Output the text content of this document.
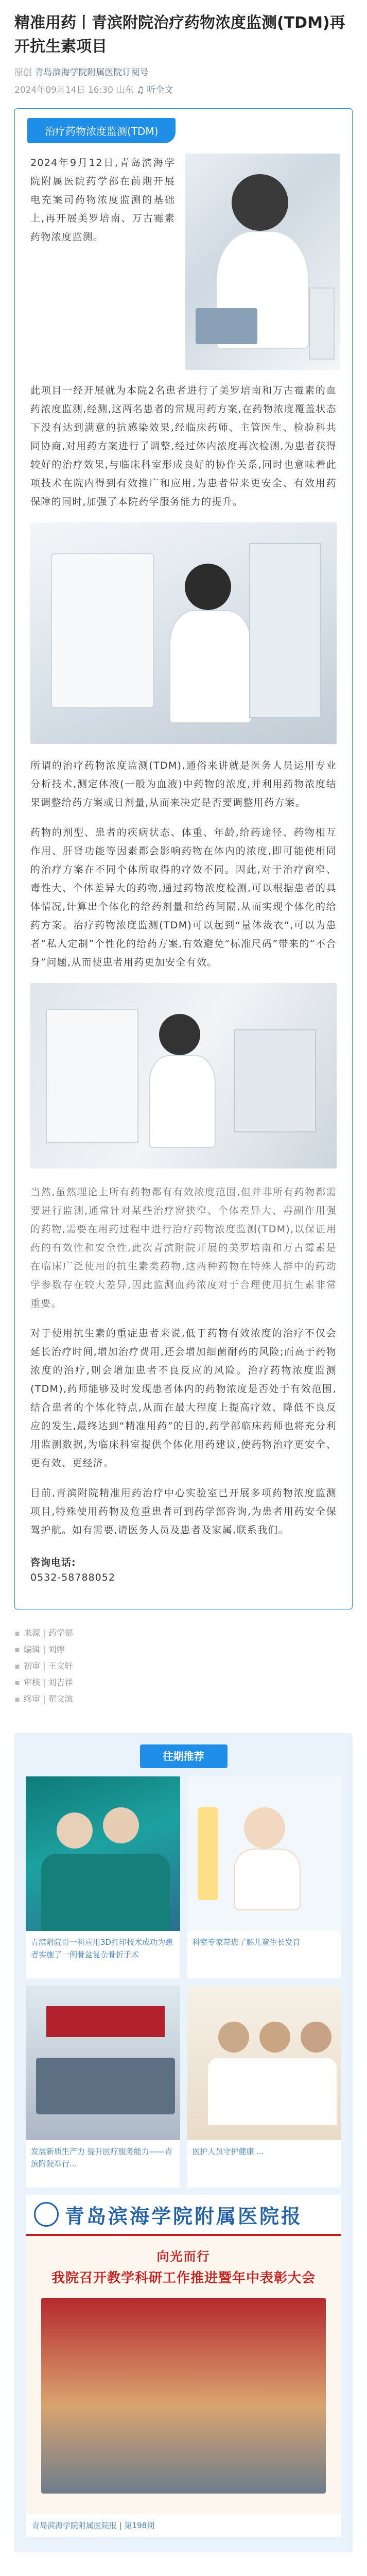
精准用药丨青滨附院治疗药物浓度监测(TDM)再开抗生素项目
原创 青岛滨海学院附属医院订阅号
2024年09月14日 16:30 山东 ♫ 听全文
治疗药物浓度监测(TDM)

2024年9月12日,青岛滨海学院附属医院药学部在前期开展电充案司药物浓度监测的基础上,再开展美罗培南、万古霉素药物浓度监测。

此项目一经开展就为本院2名患者进行了美罗培南和万古霉素的血药浓度监测,经测,这两名患者的常规用药方案,在药物浓度覆盖状态下没有达到满意的抗感染效果,经临床药师、主管医生、检验科共同协商,对用药方案进行了调整,经过体内浓度再次检测,为患者获得较好的治疗效果,与临床科室形成良好的协作关系,同时也意味着此项技术在院内得到有效推广和应用,为患者带来更安全、有效用药保障的同时,加强了本院药学服务能力的提升。

所谓的治疗药物浓度监测(TDM),通俗来讲就是医务人员运用专业分析技术,测定体液(一般为血液)中药物的浓度,并利用药物浓度结果调整给药方案或日剂量,从而来决定是否要调整用药方案。

药物的剂型、患者的疾病状态、体重、年龄,给药途径、药物相互作用、肝肾功能等因素都会影响药物在体内的浓度,即可能使相同的治疗方案在不同个体所取得的疗效不同。因此,对于治疗窗窄、毒性大、个体差异大的药物,通过药物浓度检测,可以根据患者的具体情况,计算出个体化的给药剂量和给药间隔,从而实现个体化的给药方案。治疗药物浓度监测(TDM)可以起到“量体裁衣”,可以为患者“私人定制”个性化的给药方案,有效避免“标准尺码”带来的“不合身”问题,从而使患者用药更加安全有效。

当然,虽然理论上所有药物都有有效浓度范围,但并非所有药物都需要进行监测,通常针对某些治疗窗狭窄、个体差异大、毒副作用强的药物,需要在用药过程中进行治疗药物浓度监测(TDM),以保证用药的有效性和安全性,此次青滨附院开展的美罗培南和万古霉素是在临床广泛使用的抗生素类药物,这两种药物在特殊人群中的药动学参数存在较大差异,因此监测血药浓度对于合理使用抗生素非常重要。

对于使用抗生素的重症患者来说,低于药物有效浓度的治疗不仅会延长治疗时间,增加治疗费用,还会增加细菌耐药的风险;而高于药物浓度的治疗,则会增加患者不良反应的风险。治疗药物浓度监测(TDM),药师能够及时发现患者体内的药物浓度是否处于有效范围,结合患者的个体化特点,从而在最大程度上提高疗效、降低不良反应的发生,最终达到“精准用药”的目的,药学部临床药师也将充分利用监测数据,为临床科室提供个体化用药建议,使药物治疗更安全、更有效、更经济。

目前,青滨附院精准用药治疗中心实验室已开展多项药物浓度监测项目,特殊使用药物及危重患者可到药学部咨询,为患者用药安全保驾护航。如有需要,请医务人员及患者及家属,联系我们。

咨询电话:
0532-58788052
▪ 来源 | 药学部
▪ 编辑 | 刘婷
▪ 初审 | 王文轩
▪ 审核 | 刘吉祥
▪ 终审 | 翟文滨
往期推荐
青滨附院骨一科应用3D打印技术成功为患者实施了一例骨盆复杂骨折手术
科室专家带您了解儿童生长发育
发展新质生产力 提升医疗服务能力——青滨附院举行...
医护人员守护健康 ...
青岛滨海学院附属医院报
向光而行
我院召开教学科研工作推进暨年中表彰大会
青岛滨海学院附属医院报 | 第198期
